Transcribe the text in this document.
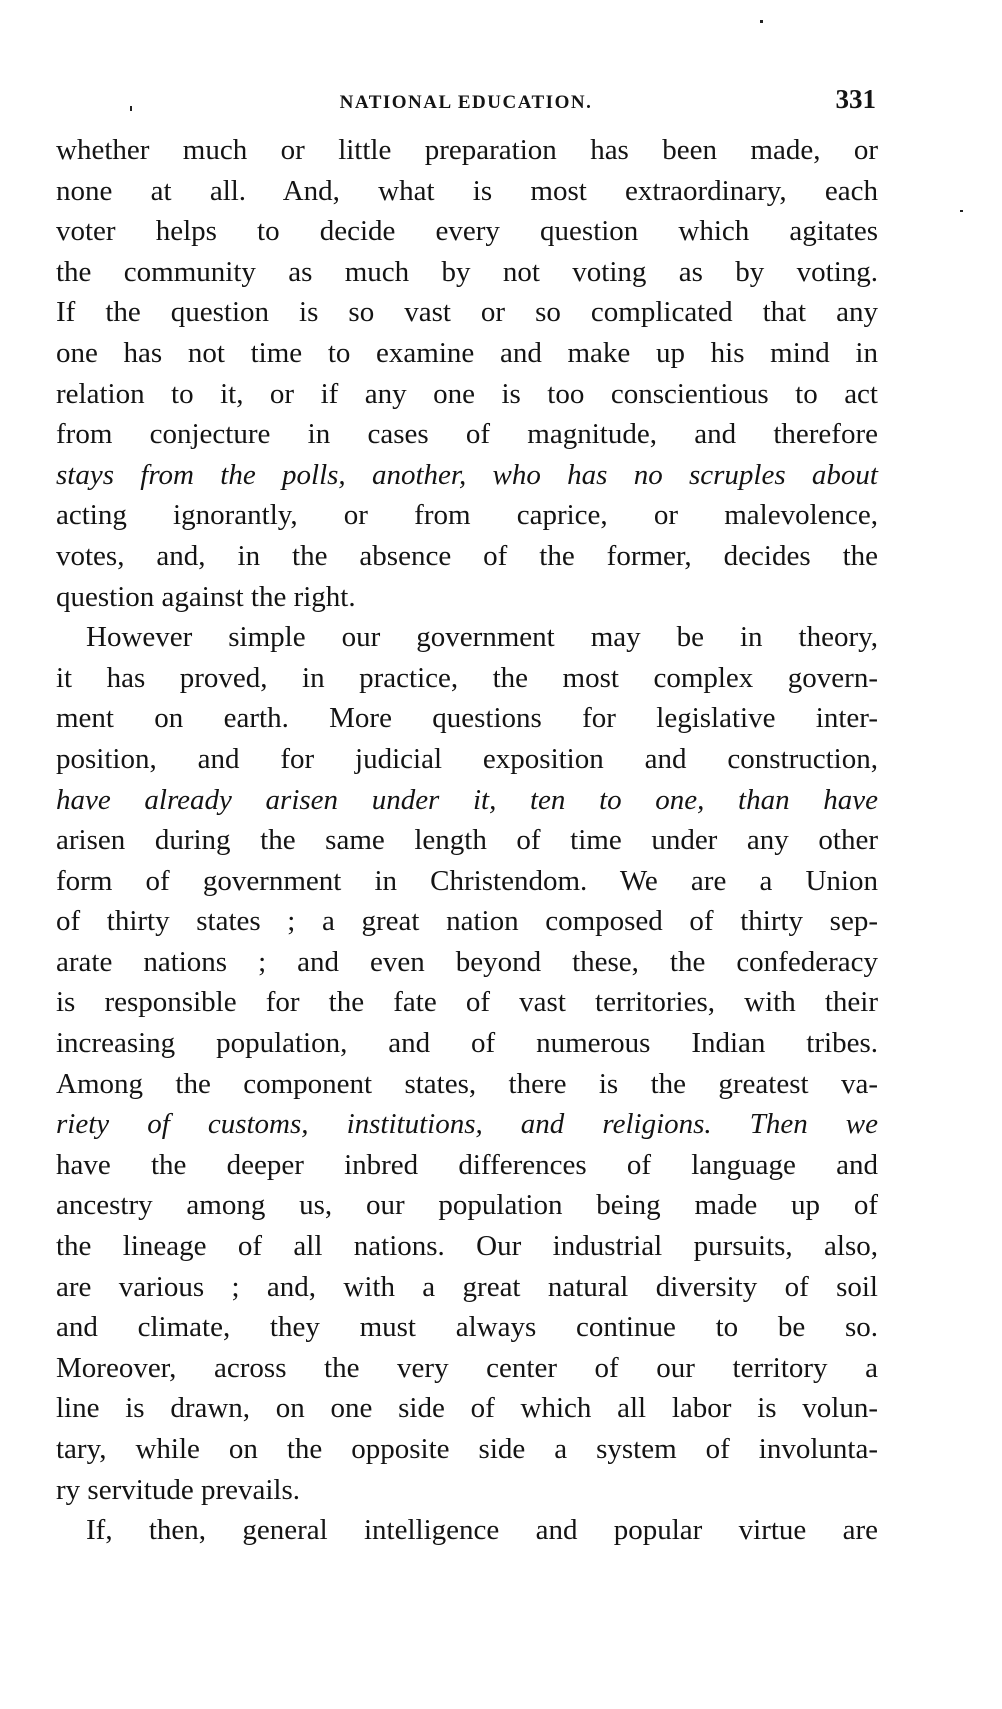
NATIONAL EDUCATION.	331
whether much or little preparation has been made, or
none at all. And, what is most extraordinary, each
voter helps to decide every question which agitates
the community as much by not voting as by voting.
If the question is so vast or so complicated that any
one has not time to examine and make up his mind in
relation to it, or if any one is too conscientious to act
from conjecture in cases of magnitude, and therefore
stays from the polls, another, who has no scruples about
acting ignorantly, or from caprice, or malevolence,
votes, and, in the absence of the former, decides the
question against the right.
However simple our government may be in theory,
it has proved, in practice, the most complex govern-
ment on earth. More questions for legislative inter-
position, and for judicial exposition and construction,
have already arisen under it, ten to one, than have
arisen during the same length of time under any other
form of government in Christendom. We are a Union
of thirty states ; a great nation composed of thirty sep-
arate nations ; and even beyond these, the confederacy
is responsible for the fate of vast territories, with their
increasing population, and of numerous Indian tribes.
Among the component states, there is the greatest va-
riety of customs, institutions, and religions. Then we
have the deeper inbred differences of language and
ancestry among us, our population being made up of
the lineage of all nations. Our industrial pursuits, also,
are various ; and, with a great natural diversity of soil
and climate, they must always continue to be so.
Moreover, across the very center of our territory a
line is drawn, on one side of which all labor is volun-
tary, while on the opposite side a system of involunta-
ry servitude prevails.
If, then, general intelligence and popular virtue are
